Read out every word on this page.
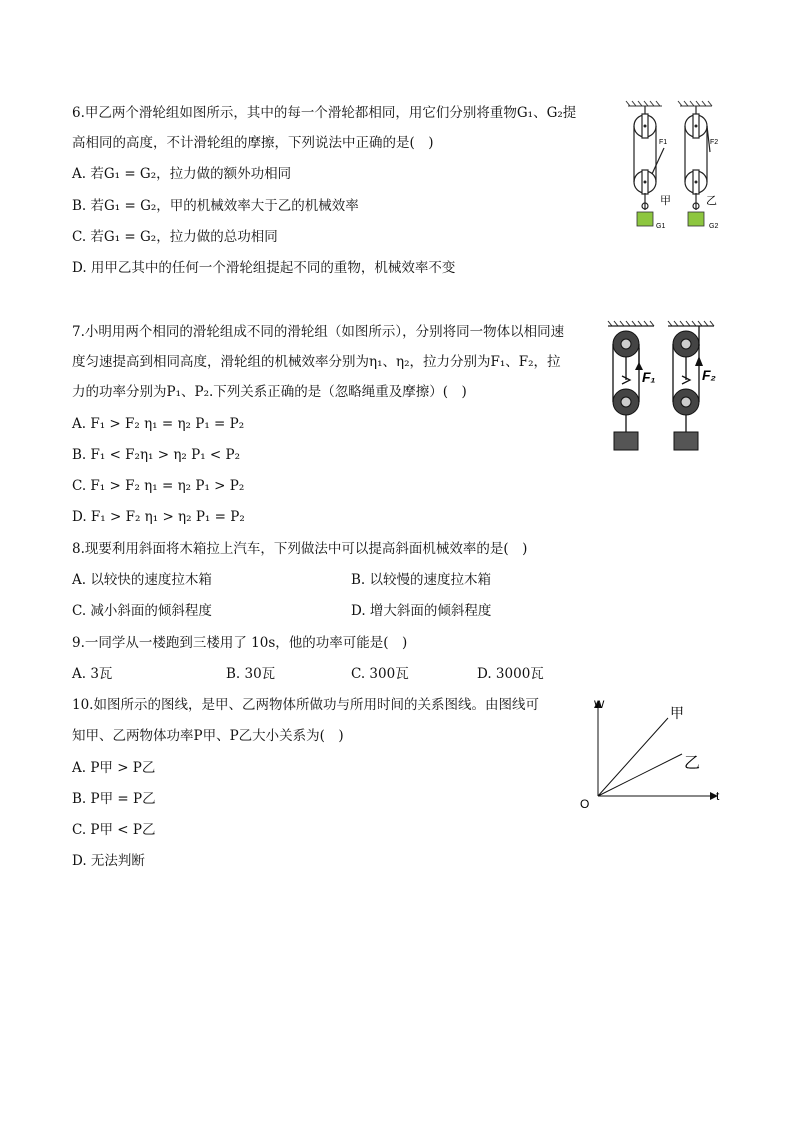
6.甲乙两个滑轮组如图所示，其中的每一个滑轮都相同，用它们分别将重物G₁、G₂提
高相同的高度，不计滑轮组的摩擦，下列说法中正确的是(　)
A. 若G₁ = G₂，拉力做的额外功相同
B. 若G₁ = G₂，甲的机械效率大于乙的机械效率
C. 若G₁ = G₂，拉力做的总功相同
D. 用甲乙其中的任何一个滑轮组提起不同的重物，机械效率不变
G1
F1
甲
G2
F2
乙
7.小明用两个相同的滑轮组成不同的滑轮组（如图所示），分别将同一物体以相同速
度匀速提高到相同高度，滑轮组的机械效率分别为η₁、η₂，拉力分别为F₁、F₂，拉
力的功率分别为P₁、P₂.下列关系正确的是（忽略绳重及摩擦）(　)
A. F₁ > F₂ η₁ = η₂ P₁ = P₂
B. F₁ < F₂η₁ > η₂ P₁ < P₂
C. F₁ > F₂ η₁ = η₂ P₁ > P₂
D. F₁ > F₂ η₁ > η₂ P₁ = P₂
F₁	F₂
8.现要利用斜面将木箱拉上汽车，下列做法中可以提高斜面机械效率的是(　)
A. 以较快的速度拉木箱	B. 以较慢的速度拉木箱
C. 减小斜面的倾斜程度	D. 增大斜面的倾斜程度
9.一同学从一楼跑到三楼用了 10s，他的功率可能是(　)
A. 3瓦	B. 30瓦	C. 300瓦	D. 3000瓦
10.如图所示的图线，是甲、乙两物体所做功与所用时间的关系图线。由图线可
知甲、乙两物体功率P甲、P乙大小关系为(　)
A. P甲 > P乙
B. P甲 = P乙
C. P甲 < P乙
D. 无法判断
W
t
O
甲
乙
